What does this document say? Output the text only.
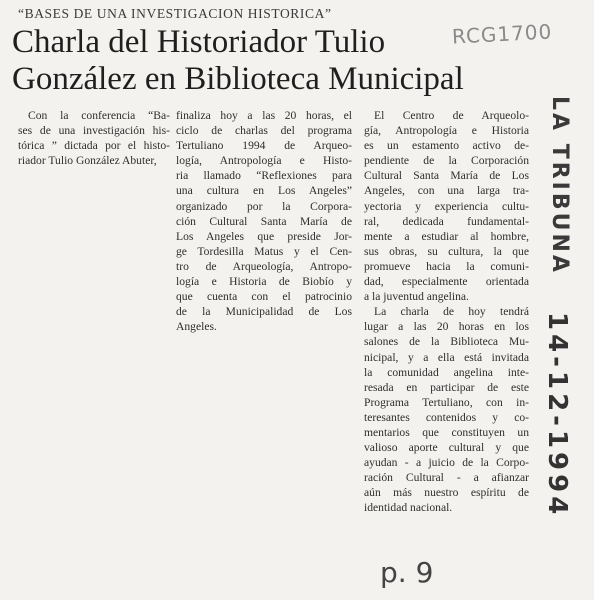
“BASES DE UNA INVESTIGACION HISTORICA”
Charla del Historiador Tulio
González en Biblioteca Municipal
Con la conferencia “Ba-
ses de una investigación his-
tórica ” dictada por el histo-
riador Tulio González Abuter,
finaliza hoy a las 20 horas, el
ciclo de charlas del programa
Tertuliano 1994 de Arqueo-
logía, Antropología e Histo-
ria llamado “Reflexiones para
una cultura en Los Angeles”
organizado por la Corpora-
ción Cultural Santa María de
Los Angeles que preside Jor-
ge Tordesilla Matus y el Cen-
tro de Arqueología, Antropo-
logía e Historia de Biobío y
que cuenta con el patrocinio
de la Municipalidad de Los
Angeles.
El Centro de Arqueolo-
gía, Antropología e Historia
es un estamento activo de-
pendiente de la Corporación
Cultural Santa María de Los
Angeles, con una larga tra-
yectoria y experiencia cultu-
ral, dedicada fundamental-
mente a estudiar al hombre,
sus obras, su cultura, la que
promueve hacia la comuni-
dad, especialmente orientada
a la juventud angelina.
La charla de hoy tendrá
lugar a las 20 horas en los
salones de la Biblioteca Mu-
nicipal, y a ella está invitada
la comunidad angelina inte-
resada en participar de este
Programa Tertuliano, con in-
teresantes contenidos y co-
mentarios que constituyen un
valioso aporte cultural y que
ayudan - a juicio de la Corpo-
ración Cultural - a afianzar
aún más nuestro espíritu de
identidad nacional.
RCG1700
LA TRIBUNA
14-12-1994
p. 9
